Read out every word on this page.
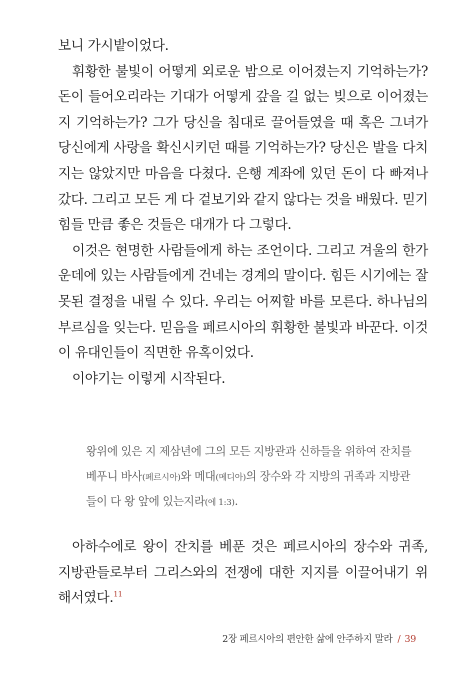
보니 가시밭이었다.

휘황한 불빛이 어떻게 외로운 밤으로 이어졌는지 기억하는가? 돈이 들어오리라는 기대가 어떻게 갚을 길 없는 빚으로 이어졌는지 기억하는가? 그가 당신을 침대로 끌어들였을 때 혹은 그녀가 당신에게 사랑을 확신시키던 때를 기억하는가? 당신은 발을 다치지는 않았지만 마음을 다쳤다. 은행 계좌에 있던 돈이 다 빠져나갔다. 그리고 모든 게 다 겉보기와 같지 않다는 것을 배웠다. 믿기 힘들 만큼 좋은 것들은 대개가 다 그렇다.

이것은 현명한 사람들에게 하는 조언이다. 그리고 겨울의 한가운데에 있는 사람들에게 건네는 경계의 말이다. 힘든 시기에는 잘못된 결정을 내릴 수 있다. 우리는 어찌할 바를 모른다. 하나님의 부르심을 잊는다. 믿음을 페르시아의 휘황한 불빛과 바꾼다. 이것이 유대인들이 직면한 유혹이었다.

이야기는 이렇게 시작된다.

왕위에 있은 지 제삼년에 그의 모든 지방관과 신하들을 위하여 잔치를

베푸니 바사(페르시아)와 메대(메디아)의 장수와 각 지방의 귀족과 지방관

들이 다 왕 앞에 있는지라(에 1:3).

아하수에로 왕이 잔치를 베푼 것은 페르시아의 장수와 귀족, 지방관들로부터 그리스와의 전쟁에 대한 지지를 이끌어내기 위해서였다.$^{11}$

2장 페르시아의 편안한 삶에 안주하지 말라 / 39
